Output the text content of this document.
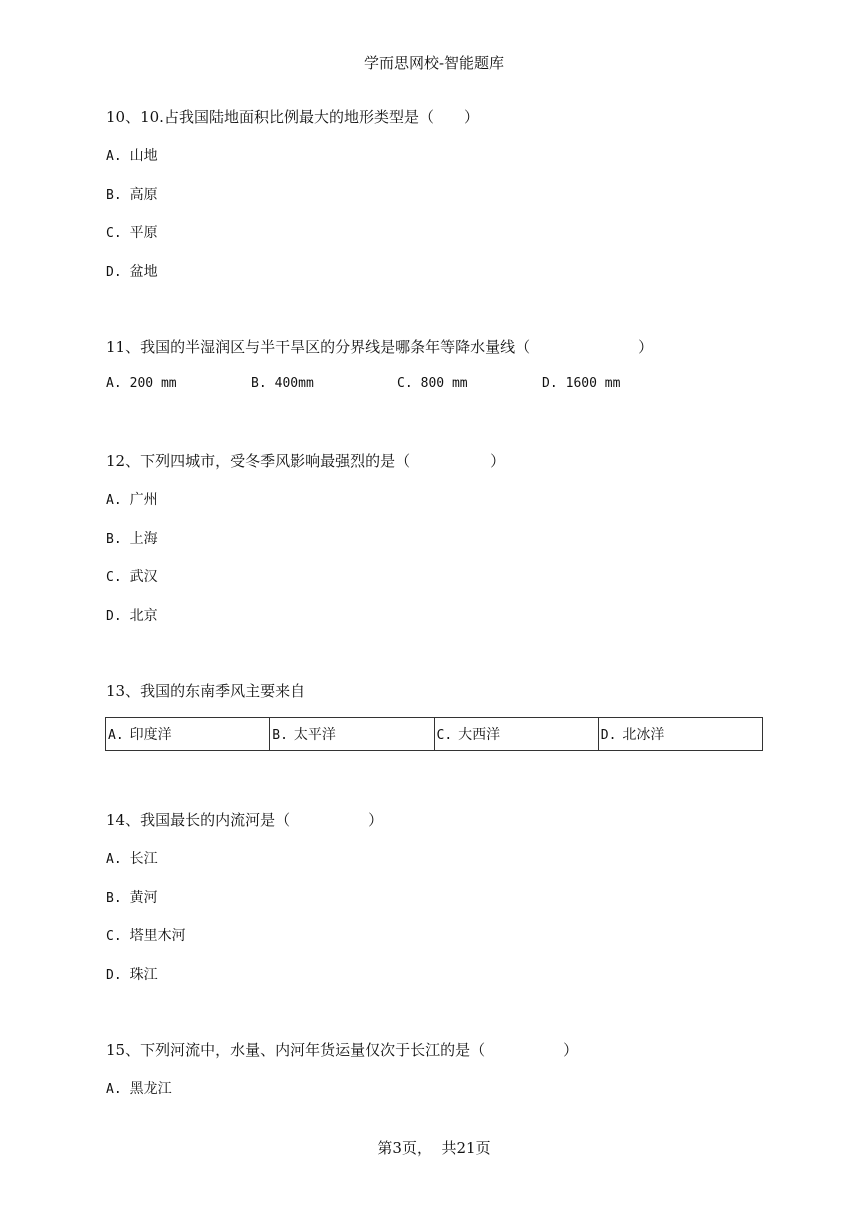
学而思网校-智能题库
10、10.占我国陆地面积比例最大的地形类型是（ ）
A. 山地
B. 高原
C. 平原
D. 盆地
11、我国的半湿润区与半干旱区的分界线是哪条年等降水量线（	）
A. 200 mm	B. 400mm	C. 800 mm	D. 1600 mm
12、下列四城市，受冬季风影响最强烈的是（	）
A. 广州
B. 上海
C. 武汉
D. 北京
13、我国的东南季风主要来自
A. 印度洋	B. 太平洋	C. 大西洋	D. 北冰洋
14、我国最长的内流河是（	）
A. 长江
B. 黄河
C. 塔里木河
D. 珠江
15、下列河流中，水量、内河年货运量仅次于长江的是（	）
A. 黑龙江
第3页， 共21页
